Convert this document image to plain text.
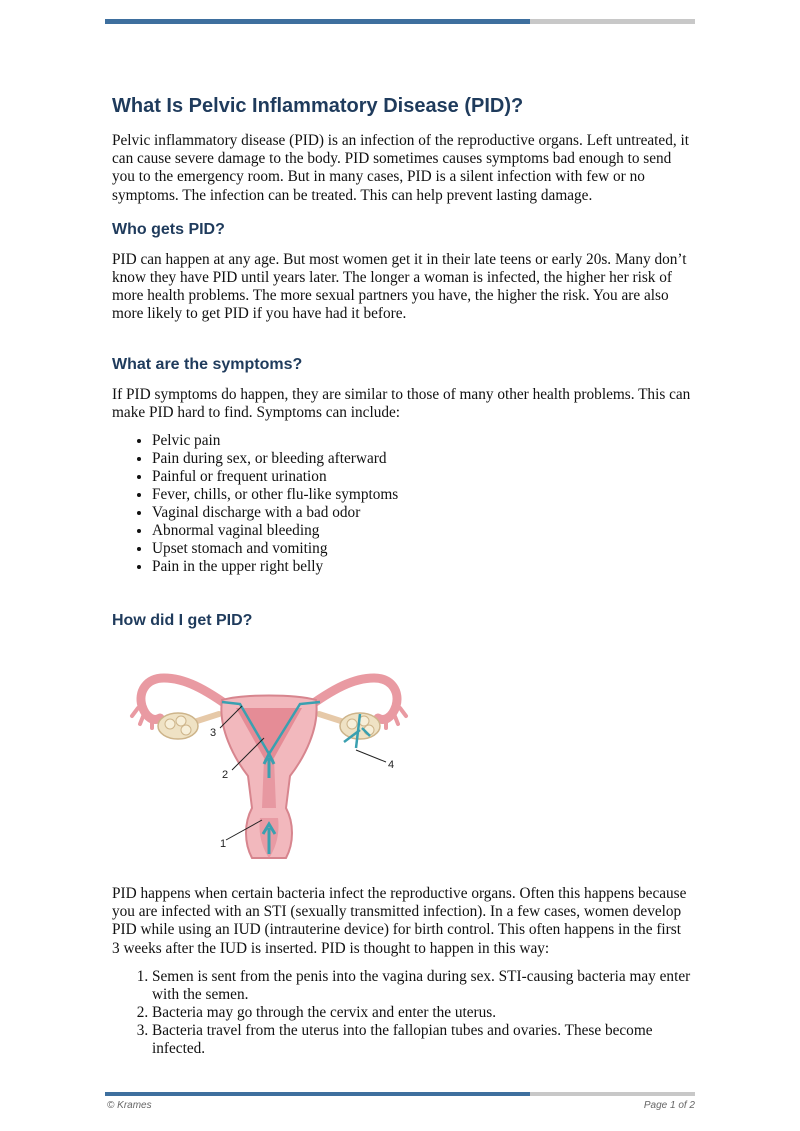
What Is Pelvic Inflammatory Disease (PID)?

Pelvic inflammatory disease (PID) is an infection of the reproductive organs. Left untreated, it can cause severe damage to the body. PID sometimes causes symptoms bad enough to send you to the emergency room. But in many cases, PID is a silent infection with few or no symptoms. The infection can be treated. This can help prevent lasting damage.

Who gets PID?

PID can happen at any age. But most women get it in their late teens or early 20s. Many don’t know they have PID until years later. The longer a woman is infected, the higher her risk of more health problems. The more sexual partners you have, the higher the risk. You are also more likely to get PID if you have had it before.

What are the symptoms?

If PID symptoms do happen, they are similar to those of many other health problems. This can make PID hard to find. Symptoms can include:

• Pelvic pain
• Pain during sex, or bleeding afterward
• Painful or frequent urination
• Fever, chills, or other flu-like symptoms
• Vaginal discharge with a bad odor
• Abnormal vaginal bleeding
• Upset stomach and vomiting
• Pain in the upper right belly
How did I get PID?
1
2
3
4

PID happens when certain bacteria infect the reproductive organs. Often this happens because you are infected with an STI (sexually transmitted infection). In a few cases, women develop PID while using an IUD (intrauterine device) for birth control. This often happens in the first 3 weeks after the IUD is inserted. PID is thought to happen in this way:

1. Semen is sent from the penis into the vagina during sex. STI-causing bacteria may enter with the semen.
2. Bacteria may go through the cervix and enter the uterus.
3. Bacteria travel from the uterus into the fallopian tubes and ovaries. These become infected.
© Krames	Page 1 of 2
